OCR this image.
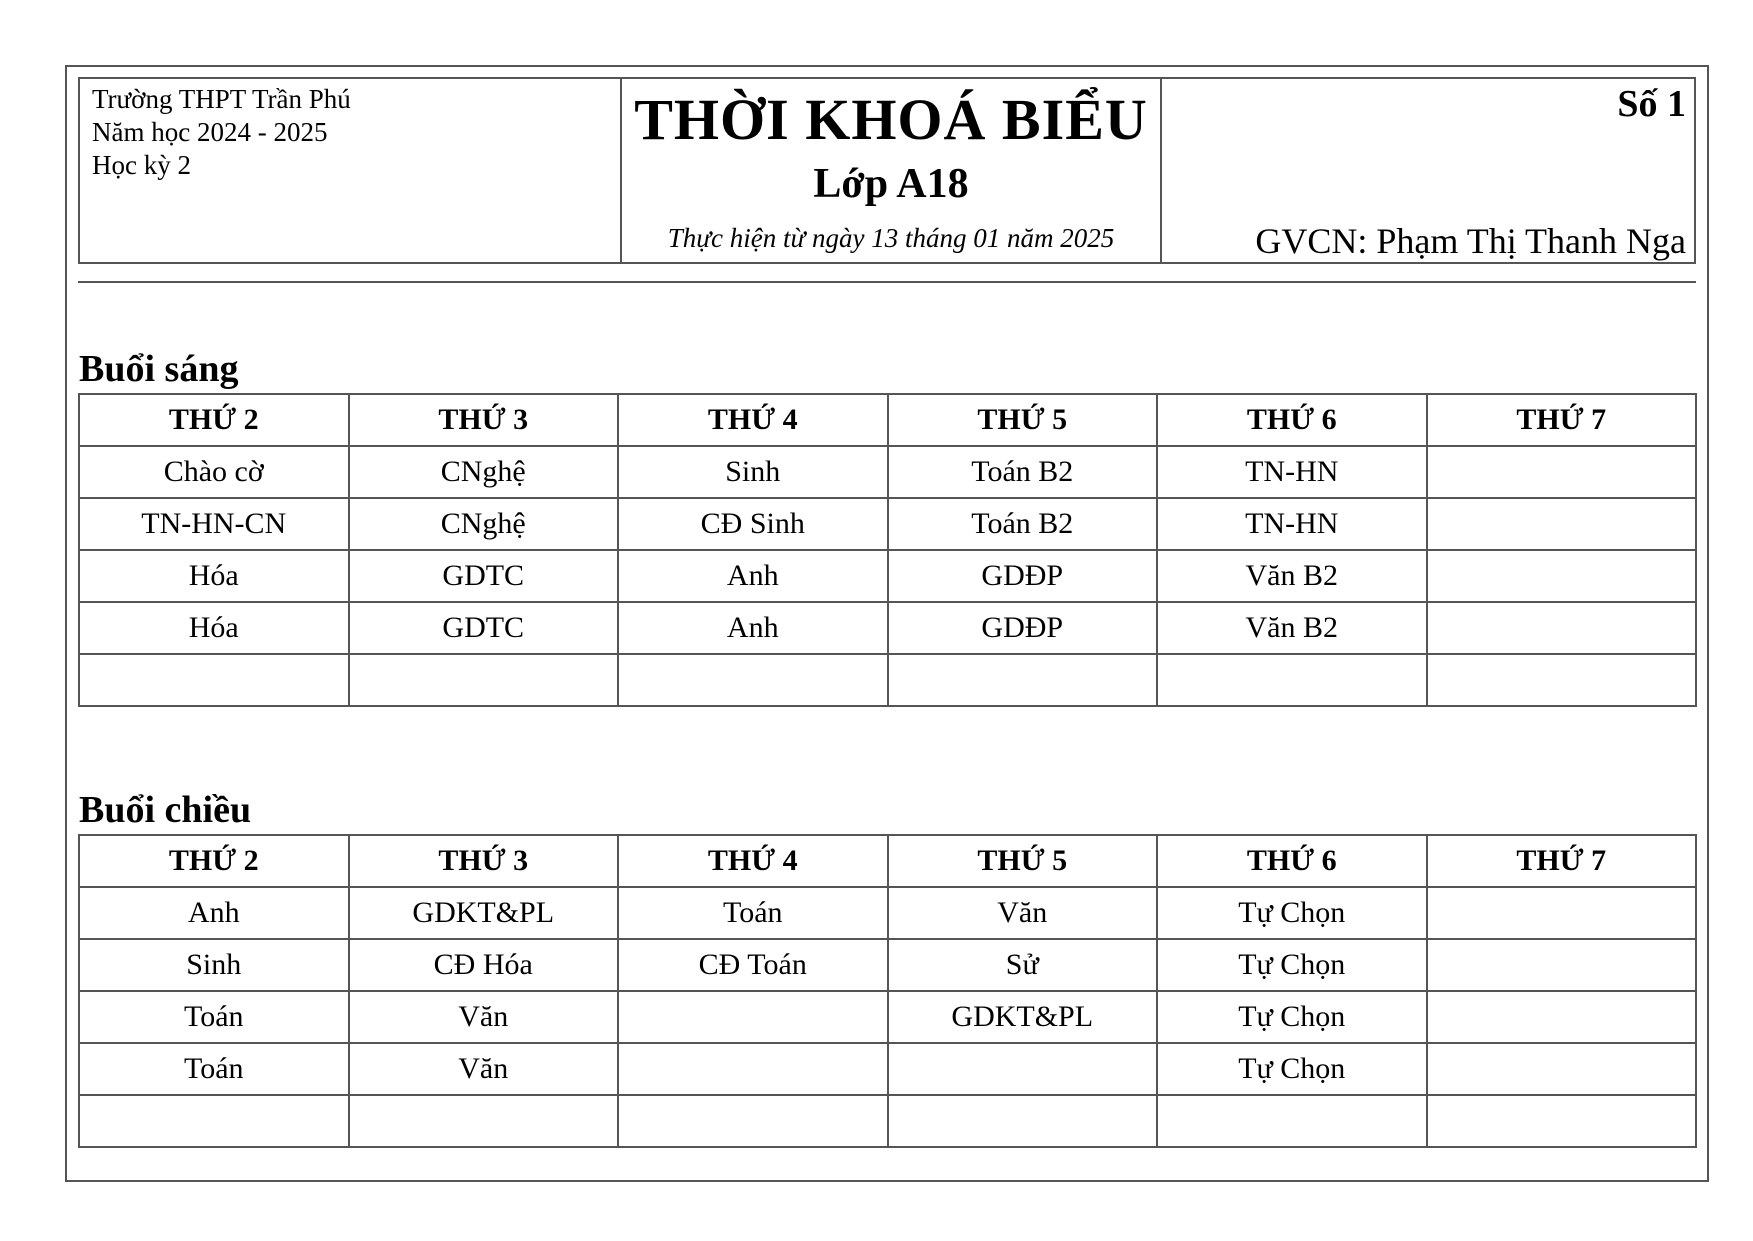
Trường THPT Trần Phú
Năm học 2024 - 2025
Học kỳ 2
THỜI KHOÁ BIỂU
Lớp A18
Thực hiện từ ngày 13 tháng 01 năm 2025
Số 1
GVCN: Phạm Thị Thanh Nga
Buổi sáng
THỨ 2	THỨ 3	THỨ 4	THỨ 5	THỨ 6	THỨ 7
Chào cờ	CNghệ	Sinh	Toán B2	TN-HN	
TN-HN-CN	CNghệ	CĐ Sinh	Toán B2	TN-HN	
Hóa	GDTC	Anh	GDĐP	Văn B2	
Hóa	GDTC	Anh	GDĐP	Văn B2	

Buổi chiều
THỨ 2	THỨ 3	THỨ 4	THỨ 5	THỨ 6	THỨ 7
Anh	GDKT&PL	Toán	Văn	Tự Chọn	
Sinh	CĐ Hóa	CĐ Toán	Sử	Tự Chọn	
Toán	Văn		GDKT&PL	Tự Chọn	
Toán	Văn			Tự Chọn	
